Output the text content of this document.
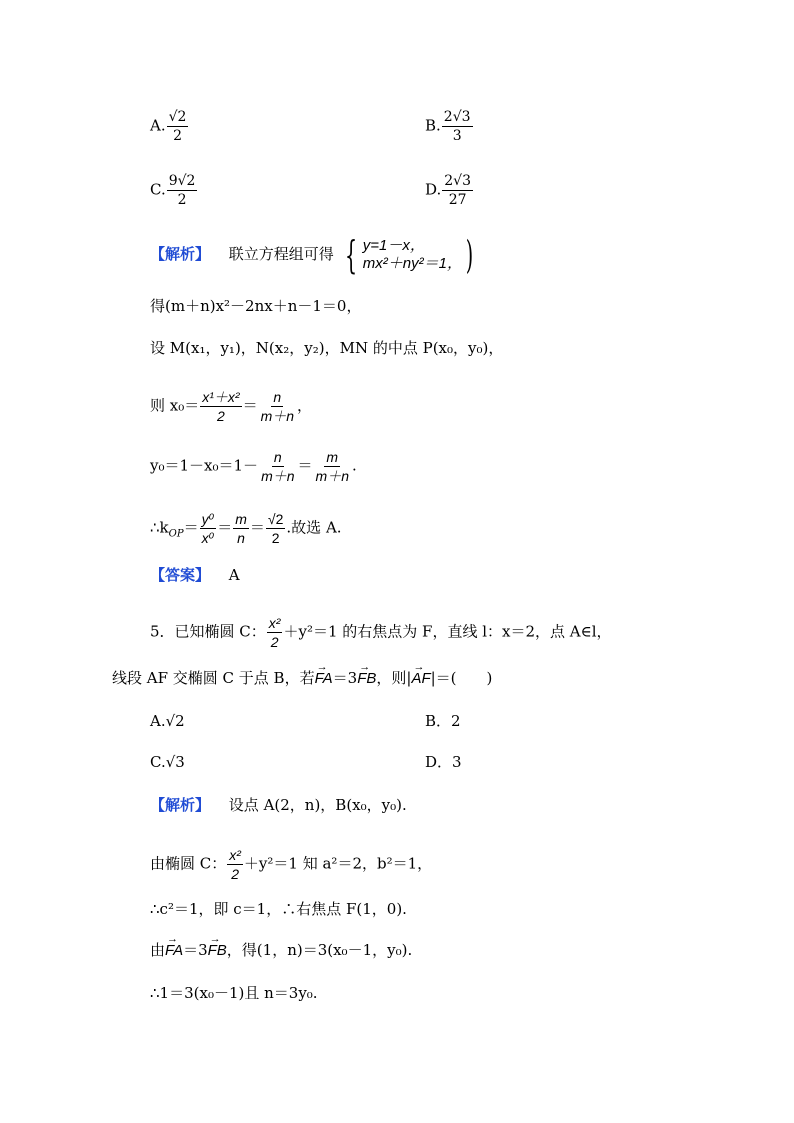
A. $\frac{√2}{2}$	B. $\frac{2√3}{3}$
C. $\frac{9√2}{2}$	D. $\frac{2√3}{27}$
【解析】 联立方程组可得 { y=1－x，
mx²＋ny²＝1， )
得(m＋n)x²－2nx＋n－1＝0，
设 M(x₁，y₁)，N(x₂，y₂)，MN 的中点 P(x₀，y₀)，
则 $x_0= \frac{\text{x¹＋x²}}{2} = \frac{n}{m+n}$ ，
$y_0=1-x_0=1- \frac{n}{m+n} = \frac{m}{m+n}$ .
$\therefore k_{OP}= \frac{\text{y⁰}}{\text{x⁰}} = \frac{m}{n} = \frac{√2}{2}$ .故选 A.
【答案】 A
5．已知椭圆 C： $\frac{\text{x²}}{2} +y^2=1$ 的右焦点为 F，直线 l：x＝2，点 A∈l，
线段 AF 交椭圆 C 于点 B，若→ FA＝3→ FB，则|→ AF|＝(　　)
A.√2	B．2
C.√3	D．3
【解析】 设点 A(2，n)，B(x₀，y₀).
由椭圆 C： $\frac{\text{x²}}{2} +y^2=1$ 知 a²＝2，b²＝1，
∴c²＝1，即 c＝1，∴右焦点 F(1，0).
由→ FA＝3→ FB，得(1，n)＝3(x₀－1，y₀).
∴1＝3(x₀－1)且 n＝3y₀.
